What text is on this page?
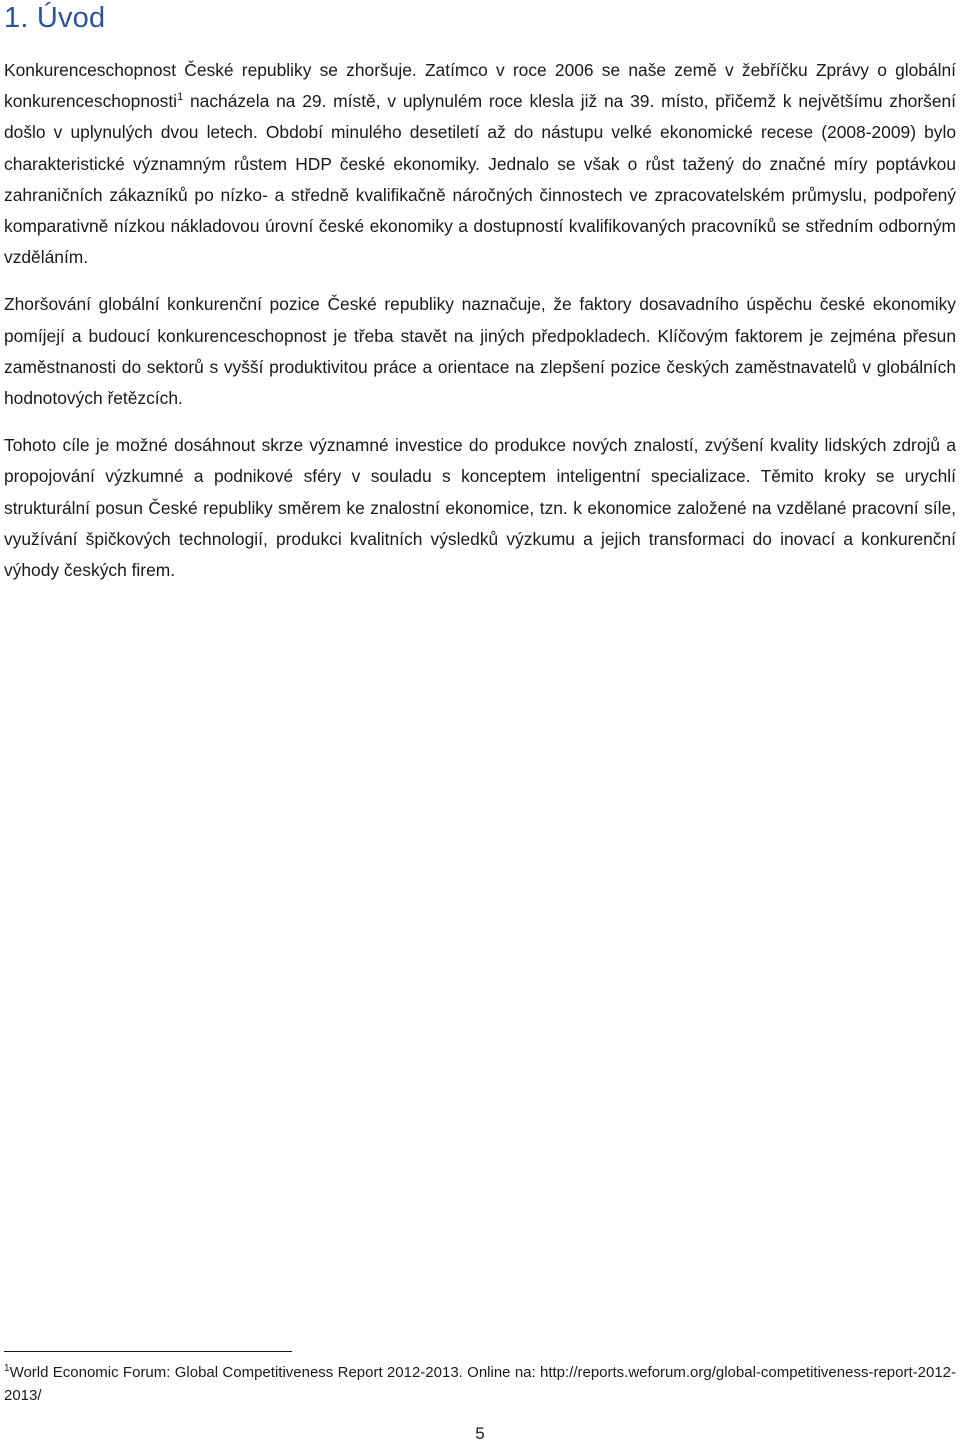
1. Úvod

Konkurenceschopnost České republiky se zhoršuje. Zatímco v roce 2006 se naše země v žebříčku Zprávy o globální konkurenceschopnosti$^1$ nacházela na 29. místě, v uplynulém roce klesla již na 39. místo, přičemž k největšímu zhoršení došlo v uplynulých dvou letech. Období minulého desetiletí až do nástupu velké ekonomické recese (2008-2009) bylo charakteristické významným růstem HDP české ekonomiky. Jednalo se však o růst tažený do značné míry poptávkou zahraničních zákazníků po nízko- a středně kvalifikačně náročných činnostech ve zpracovatelském průmyslu, podpořený komparativně nízkou nákladovou úrovní české ekonomiky a dostupností kvalifikovaných pracovníků se středním odborným vzděláním.

Zhoršování globální konkurenční pozice České republiky naznačuje, že faktory dosavadního úspěchu české ekonomiky pomíjejí a budoucí konkurenceschopnost je třeba stavět na jiných předpokladech. Klíčovým faktorem je zejména přesun zaměstnanosti do sektorů s vyšší produktivitou práce a orientace na zlepšení pozice českých zaměstnavatelů v globálních hodnotových řetězcích.

Tohoto cíle je možné dosáhnout skrze významné investice do produkce nových znalostí, zvýšení kvality lidských zdrojů a propojování výzkumné a podnikové sféry v souladu s konceptem inteligentní specializace. Těmito kroky se urychlí strukturální posun České republiky směrem ke znalostní ekonomice, tzn. k ekonomice založené na vzdělané pracovní síle, využívání špičkových technologií, produkci kvalitních výsledků výzkumu a jejich transformaci do inovací a konkurenční výhody českých firem.

$^1$World Economic Forum: Global Competitiveness Report 2012-2013. Online na: http://reports.weforum.org/global-competitiveness-report-2012-2013/

5
